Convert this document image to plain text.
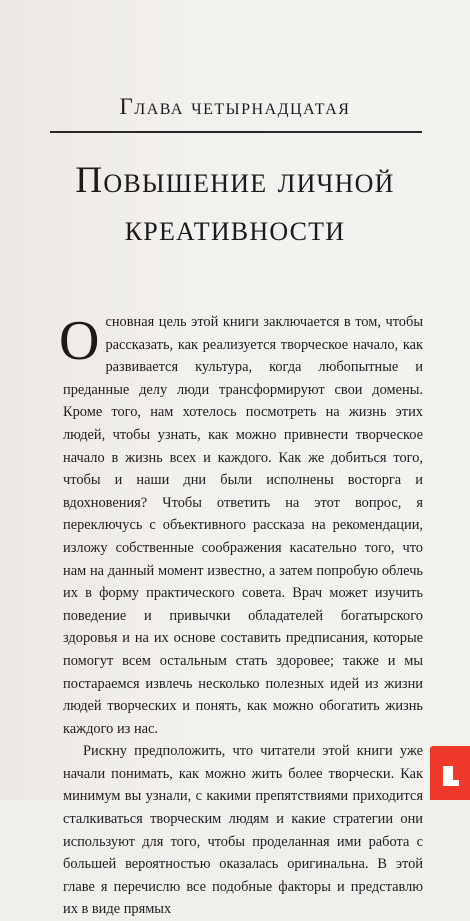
Глава четырнадцатая
Повышение личной
креативности

О сновная цель этой книги заключается в том, чтобы рассказать, как реализуется творческое начало, как развивается культура, когда любопытные и преданные делу люди трансформируют свои домены. Кроме того, нам хотелось посмотреть на жизнь этих людей, чтобы узнать, как можно привнести творческое начало в жизнь всех и каждого. Как же добиться того, чтобы и наши дни были исполнены восторга и вдохновения? Чтобы ответить на этот вопрос, я переключусь с объективного рассказа на рекомендации, изложу собственные соображения касательно того, что нам на данный момент известно, а затем попробую облечь их в форму практического совета. Врач может изучить поведение и привычки обладателей богатырского здоровья и на их основе составить предписания, которые помогут всем остальным стать здоровее; также и мы постараемся извлечь несколько полезных идей из жизни людей творческих и понять, как можно обогатить жизнь каждого из нас.

Рискну предположить, что читатели этой книги уже начали понимать, как можно жить более творчески. Как минимум вы узнали, с какими препятствиями приходится сталкиваться творческим людям и какие стратегии они используют для того, чтобы проделанная ими работа с большей вероятностью оказалась оригинальна. В этой главе я перечислю все подобные факторы и представлю их в виде прямых
